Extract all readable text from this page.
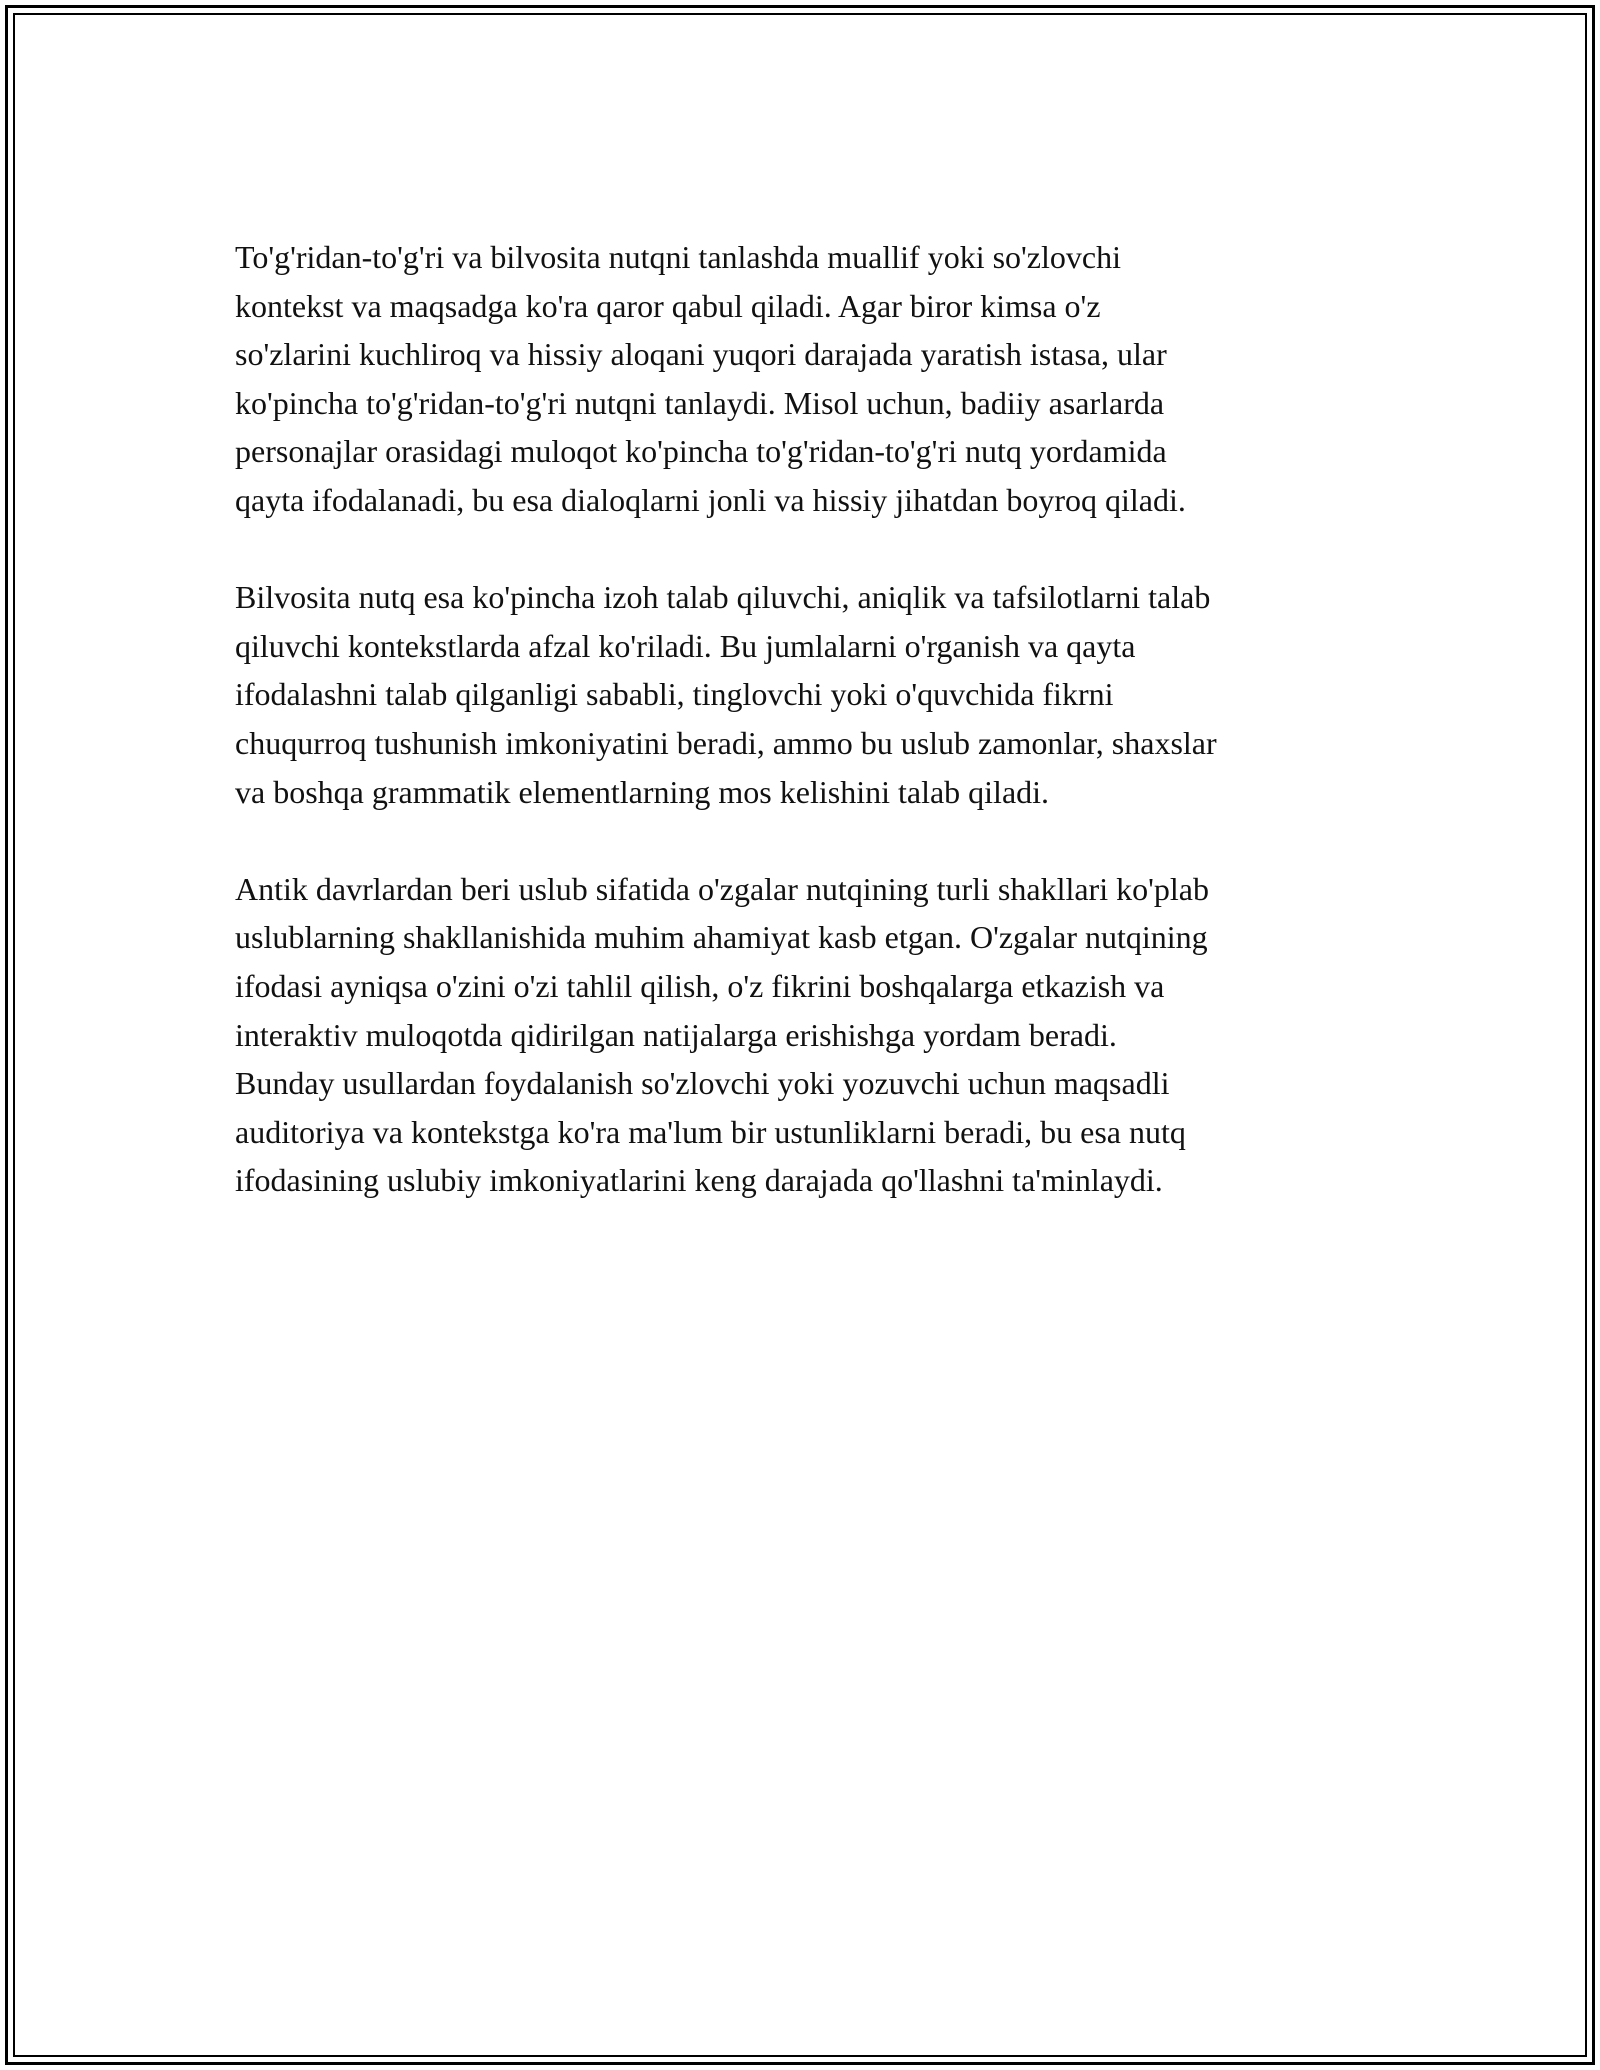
To'g'ridan-to'g'ri va bilvosita nutqni tanlashda muallif yoki so'zlovchi
kontekst va maqsadga ko'ra qaror qabul qiladi. Agar biror kimsa o'z
so'zlarini kuchliroq va hissiy aloqani yuqori darajada yaratish istasa, ular
ko'pincha to'g'ridan-to'g'ri nutqni tanlaydi. Misol uchun, badiiy asarlarda
personajlar orasidagi muloqot ko'pincha to'g'ridan-to'g'ri nutq yordamida
qayta ifodalanadi, bu esa dialoqlarni jonli va hissiy jihatdan boyroq qiladi.

Bilvosita nutq esa ko'pincha izoh talab qiluvchi, aniqlik va tafsilotlarni talab
qiluvchi kontekstlarda afzal ko'riladi. Bu jumlalarni o'rganish va qayta
ifodalashni talab qilganligi sababli, tinglovchi yoki o'quvchida fikrni
chuqurroq tushunish imkoniyatini beradi, ammo bu uslub zamonlar, shaxslar
va boshqa grammatik elementlarning mos kelishini talab qiladi.

Antik davrlardan beri uslub sifatida o'zgalar nutqining turli shakllari ko'plab
uslublarning shakllanishida muhim ahamiyat kasb etgan. O'zgalar nutqining
ifodasi ayniqsa o'zini o'zi tahlil qilish, o'z fikrini boshqalarga etkazish va
interaktiv muloqotda qidirilgan natijalarga erishishga yordam beradi.
Bunday usullardan foydalanish so'zlovchi yoki yozuvchi uchun maqsadli
auditoriya va kontekstga ko'ra ma'lum bir ustunliklarni beradi, bu esa nutq
ifodasining uslubiy imkoniyatlarini keng darajada qo'llashni ta'minlaydi.
